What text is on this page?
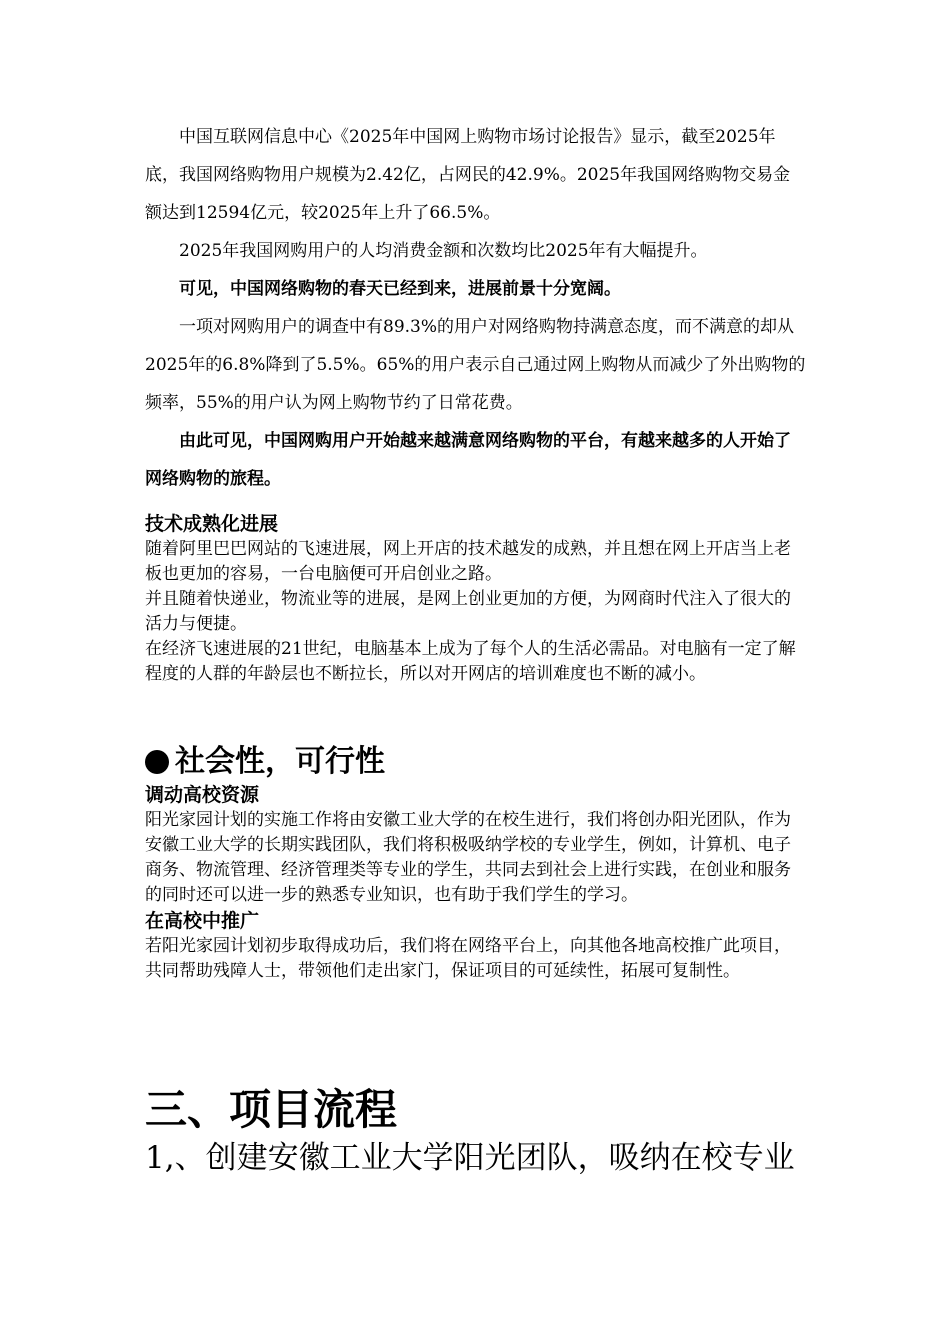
中国互联网信息中心《2025年中国网上购物市场讨论报告》显示，截至2025年底，我国网络购物用户规模为2.42亿，占网民的42.9%。2025年我国网络购物交易金额达到12594亿元，较2025年上升了66.5%。

2025年我国网购用户的人均消费金额和次数均比2025年有大幅提升。

可见，中国网络购物的春天已经到来，进展前景十分宽阔。

一项对网购用户的调查中有89.3%的用户对网络购物持满意态度，而不满意的却从2025年的6.8%降到了5.5%。65%的用户表示自己通过网上购物从而减少了外出购物的频率，55%的用户认为网上购物节约了日常花费。

由此可见，中国网购用户开始越来越满意网络购物的平台，有越来越多的人开始了网络购物的旅程。

技术成熟化进展

随着阿里巴巴网站的飞速进展，网上开店的技术越发的成熟，并且想在网上开店当上老板也更加的容易，一台电脑便可开启创业之路。

并且随着快递业，物流业等的进展，是网上创业更加的方便，为网商时代注入了很大的活力与便捷。

在经济飞速进展的21世纪，电脑基本上成为了每个人的生活必需品。对电脑有一定了解程度的人群的年龄层也不断拉长，所以对开网店的培训难度也不断的减小。

社会性，可行性
调动高校资源

阳光家园计划的实施工作将由安徽工业大学的在校生进行，我们将创办阳光团队，作为安徽工业大学的长期实践团队，我们将积极吸纳学校的专业学生，例如，计算机、电子商务、物流管理、经济管理类等专业的学生，共同去到社会上进行实践，在创业和服务的同时还可以进一步的熟悉专业知识，也有助于我们学生的学习。

在高校中推广

若阳光家园计划初步取得成功后，我们将在网络平台上，向其他各地高校推广此项目，共同帮助残障人士，带领他们走出家门，保证项目的可延续性，拓展可复制性。

三、项目流程

1,、创建安徽工业大学阳光团队，吸纳在校专业
